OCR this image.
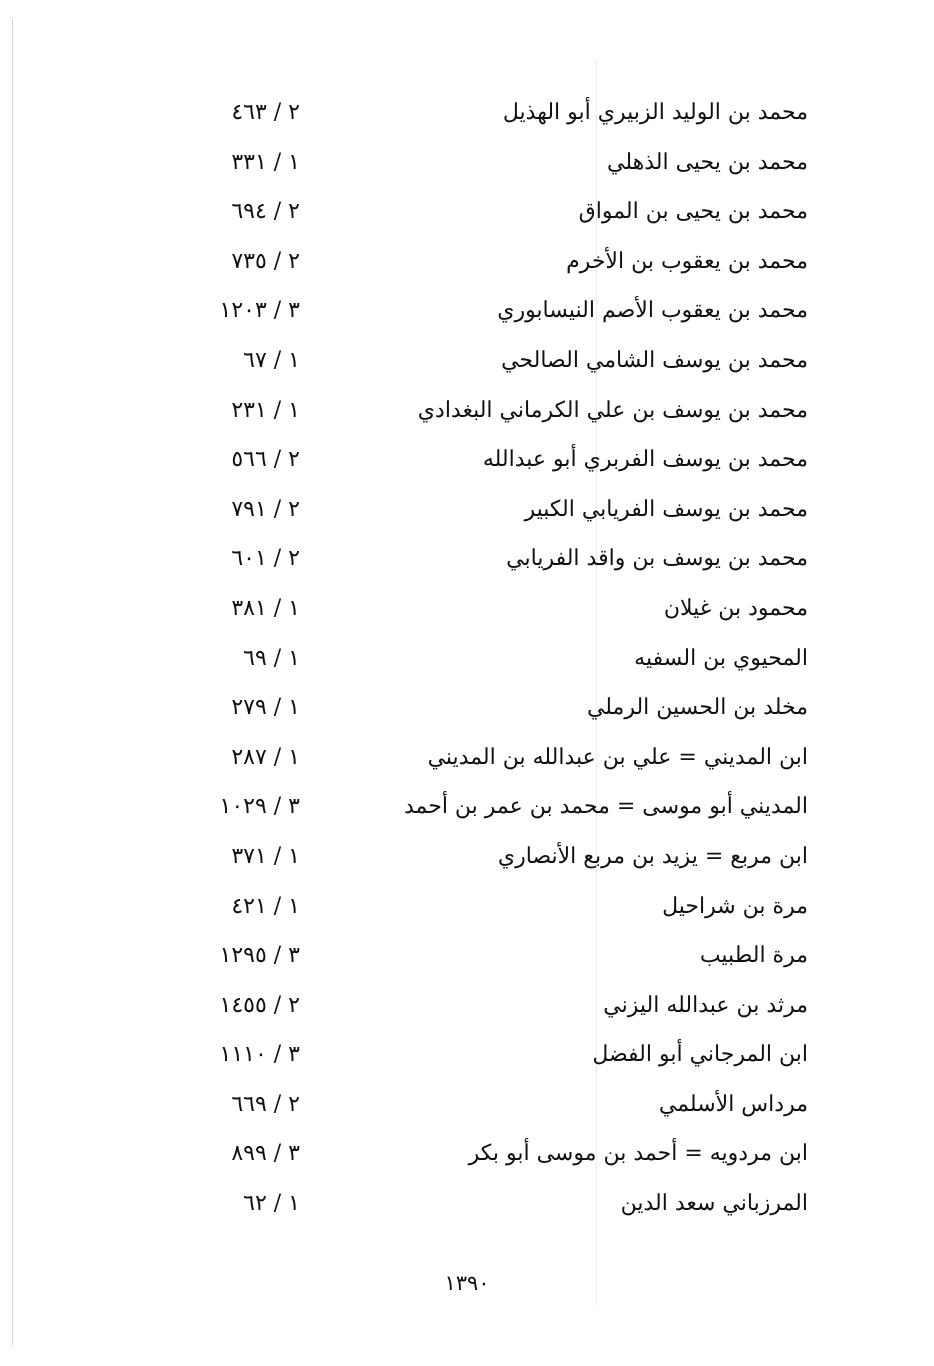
محمد بن الوليد الزبيري أبو الهذيل
٢ / ٤٦٣
محمد بن يحيى الذهلي
١ / ٣٣١
محمد بن يحيى بن المواق
٢ / ٦٩٤
محمد بن يعقوب بن الأخرم
٢ / ٧٣٥
محمد بن يعقوب الأصم النيسابوري
٣ / ١٢٠٣
محمد بن يوسف الشامي الصالحي
١ / ٦٧
محمد بن يوسف بن علي الكرماني البغدادي
١ / ٢٣١
محمد بن يوسف الفربري أبو عبدالله
٢ / ٥٦٦
محمد بن يوسف الفريابي الكبير
٢ / ٧٩١
محمد بن يوسف بن واقد الفريابي
٢ / ٦٠١
محمود بن غيلان
١ / ٣٨١
المحيوي بن السفيه
١ / ٦٩
مخلد بن الحسين الرملي
١ / ٢٧٩
ابن المديني = علي بن عبدالله بن المديني
١ / ٢٨٧
المديني أبو موسى = محمد بن عمر بن أحمد
٣ / ١٠٢٩
ابن مربع = يزيد بن مربع الأنصاري
١ / ٣٧١
مرة بن شراحيل
١ / ٤٢١
مرة الطبيب
٣ / ١٢٩٥
مرثد بن عبدالله اليزني
٢ / ١٤٥٥
ابن المرجاني أبو الفضل
٣ / ١١١٠
مرداس الأسلمي
٢ / ٦٦٩
ابن مردويه = أحمد بن موسى أبو بكر
٣ / ٨٩٩
المرزباني سعد الدين
١ / ٦٢
١٣٩٠
